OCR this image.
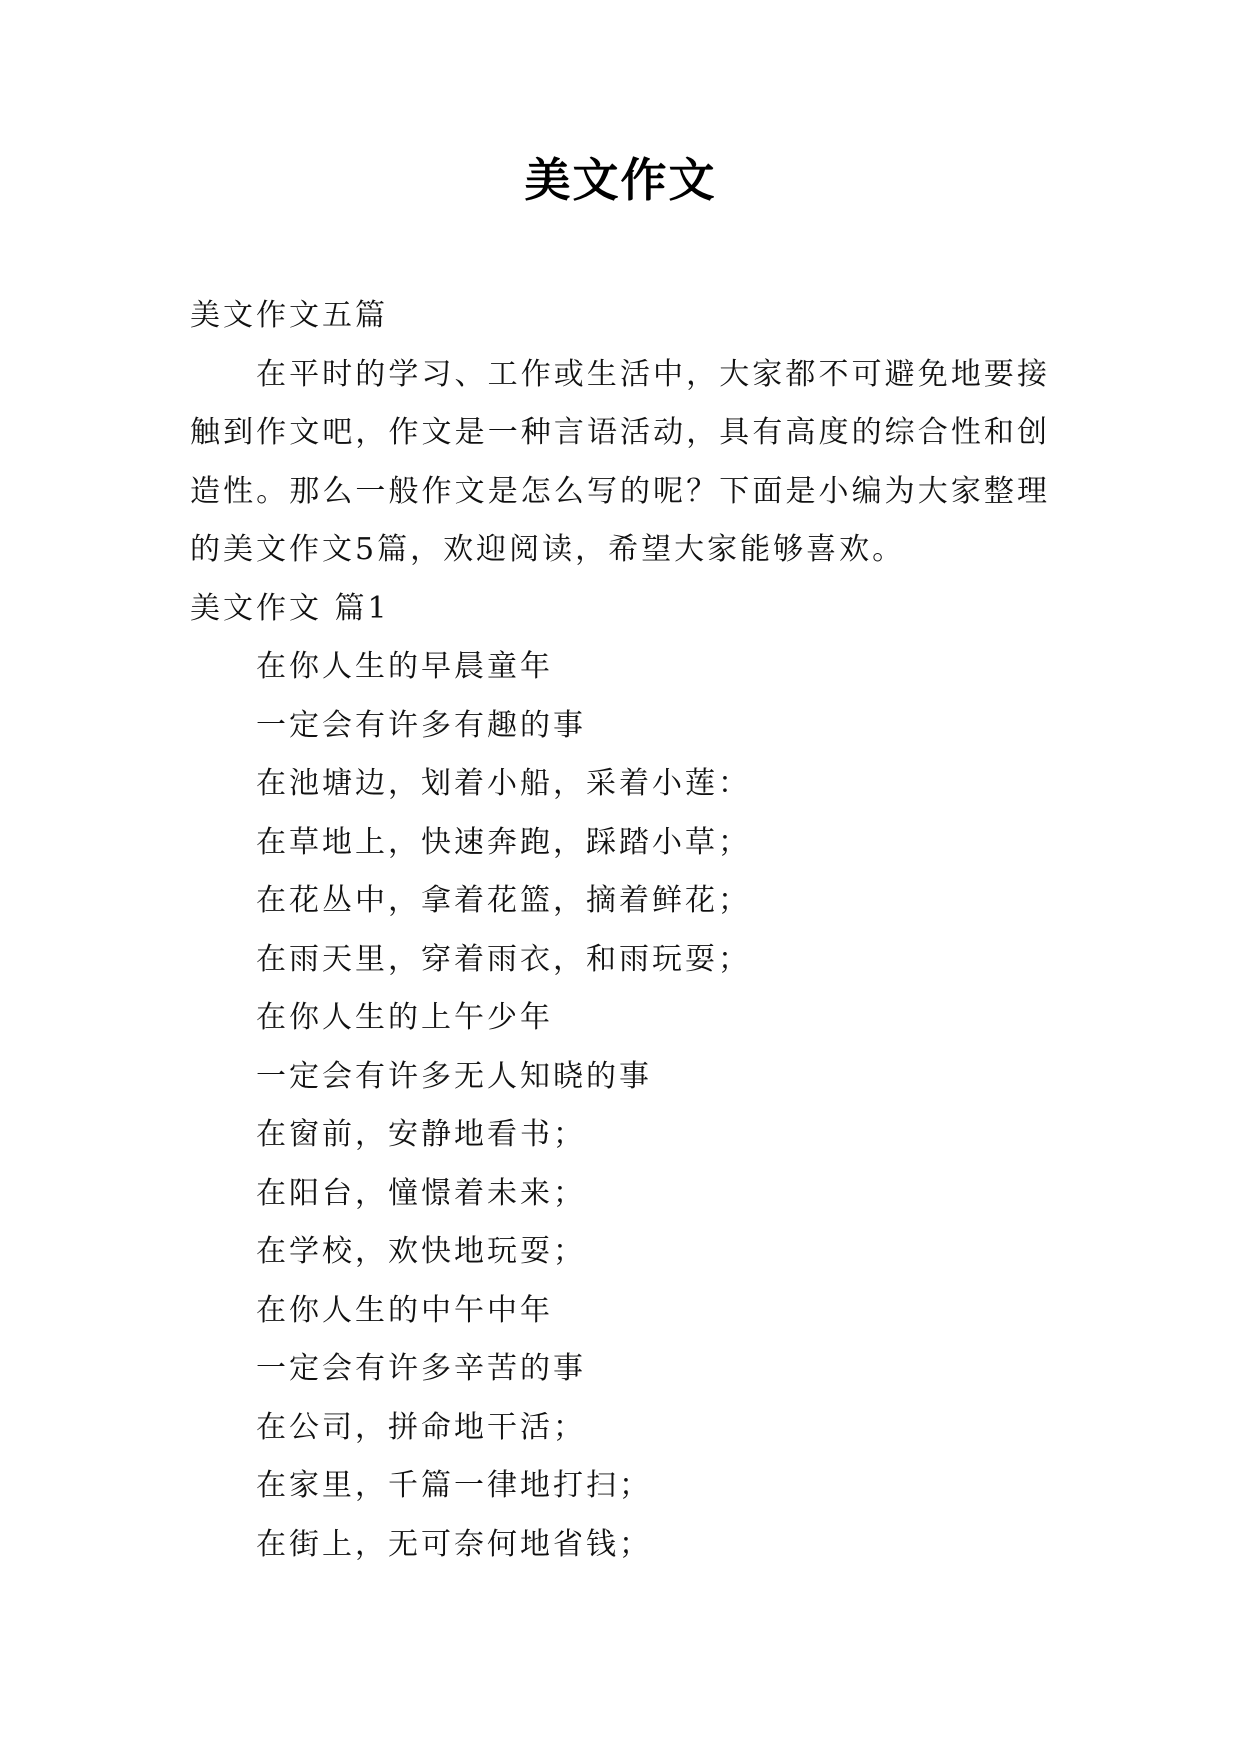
美文作文

美文作文五篇

在平时的学习、工作或生活中，大家都不可避免地要接触到作文吧，作文是一种言语活动，具有高度的综合性和创造性。那么一般作文是怎么写的呢？下面是小编为大家整理的美文作文5篇，欢迎阅读，希望大家能够喜欢。

美文作文 篇1

在你人生的早晨童年

一定会有许多有趣的事

在池塘边，划着小船，采着小莲：

在草地上，快速奔跑，踩踏小草；

在花丛中，拿着花篮，摘着鲜花；

在雨天里，穿着雨衣，和雨玩耍；

在你人生的上午少年

一定会有许多无人知晓的事

在窗前，安静地看书；

在阳台，憧憬着未来；

在学校，欢快地玩耍；

在你人生的中午中年

一定会有许多辛苦的事

在公司，拼命地干活；

在家里，千篇一律地打扫；

在街上，无可奈何地省钱；
